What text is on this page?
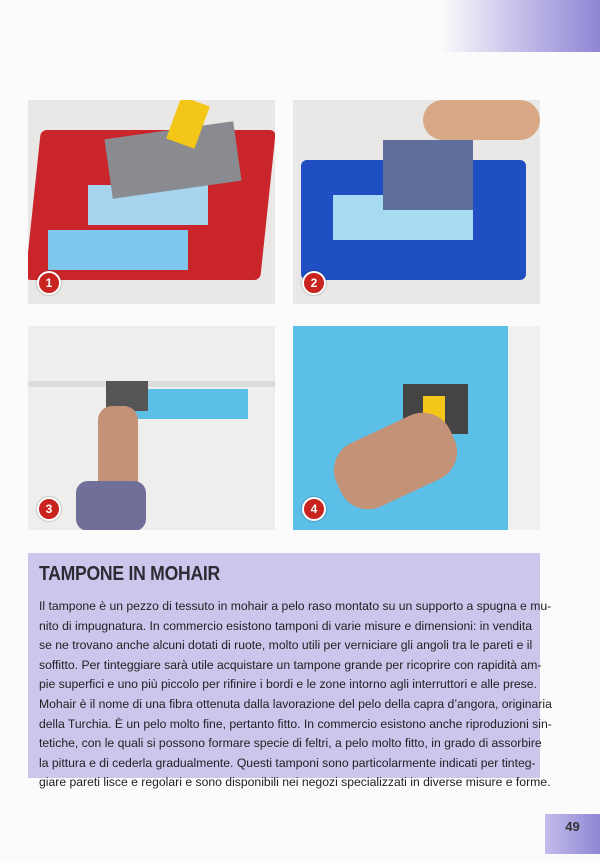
1	2
3	4
TAMPONE IN MOHAIR
Il tampone è un pezzo di tessuto in mohair a pelo raso montato su un supporto a spugna e mu-
nito di impugnatura. In commercio esistono tamponi di varie misure e dimensioni: in vendita
se ne trovano anche alcuni dotati di ruote, molto utili per verniciare gli angoli tra le pareti e il
soffitto. Per tinteggiare sarà utile acquistare un tampone grande per ricoprire con rapidità am-
pie superfici e uno più piccolo per rifinire i bordi e le zone intorno agli interruttori e alle prese.
Mohair è il nome di una fibra ottenuta dalla lavorazione del pelo della capra d’angora, originaria
della Turchia. È un pelo molto fine, pertanto fitto. In commercio esistono anche riproduzioni sin-
tetiche, con le quali si possono formare specie di feltri, a pelo molto fitto, in grado di assorbire
la pittura e di cederla gradualmente. Questi tamponi sono particolarmente indicati per tinteg-
giare pareti lisce e regolari e sono disponibili nei negozi specializzati in diverse misure e forme.
49
